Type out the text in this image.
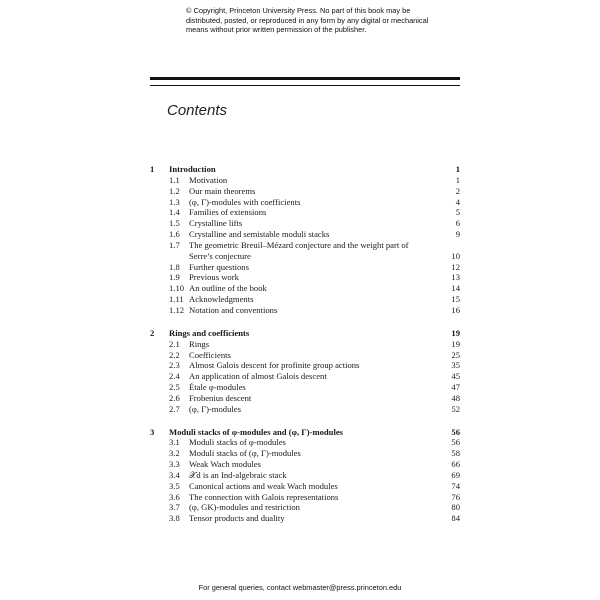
© Copyright, Princeton University Press. No part of this book may be
distributed, posted, or reproduced in any form by any digital or mechanical
means without prior written permission of the publisher.
Contents
1 Introduction	1
1.1 Motivation	1
1.2 Our main theorems	2
1.3 (φ, Γ)-modules with coefficients	4
1.4 Families of extensions	5
1.5 Crystalline lifts	6
1.6 Crystalline and semistable moduli stacks	9
1.7 The geometric Breuil–Mézard conjecture and the weight part of Serre’s conjecture	10
1.8 Further questions	12
1.9 Previous work	13
1.10 An outline of the book	14
1.11 Acknowledgments	15
1.12 Notation and conventions	16
2 Rings and coefficients	19
2.1 Rings	19
2.2 Coefficients	25
2.3 Almost Galois descent for profinite group actions	35
2.4 An application of almost Galois descent	45
2.5 Étale φ-modules	47
2.6 Frobenius descent	48
2.7 (φ, Γ)-modules	52
3 Moduli stacks of φ-modules and (φ, Γ)-modules	56
3.1 Moduli stacks of φ-modules	56
3.2 Moduli stacks of (φ, Γ)-modules	58
3.3 Weak Wach modules	66
3.4 𝒳d is an Ind-algebraic stack	69
3.5 Canonical actions and weak Wach modules	74
3.6 The connection with Galois representations	76
3.7 (φ, GK)-modules and restriction	80
3.8 Tensor products and duality	84
For general queries, contact webmaster@press.princeton.edu
